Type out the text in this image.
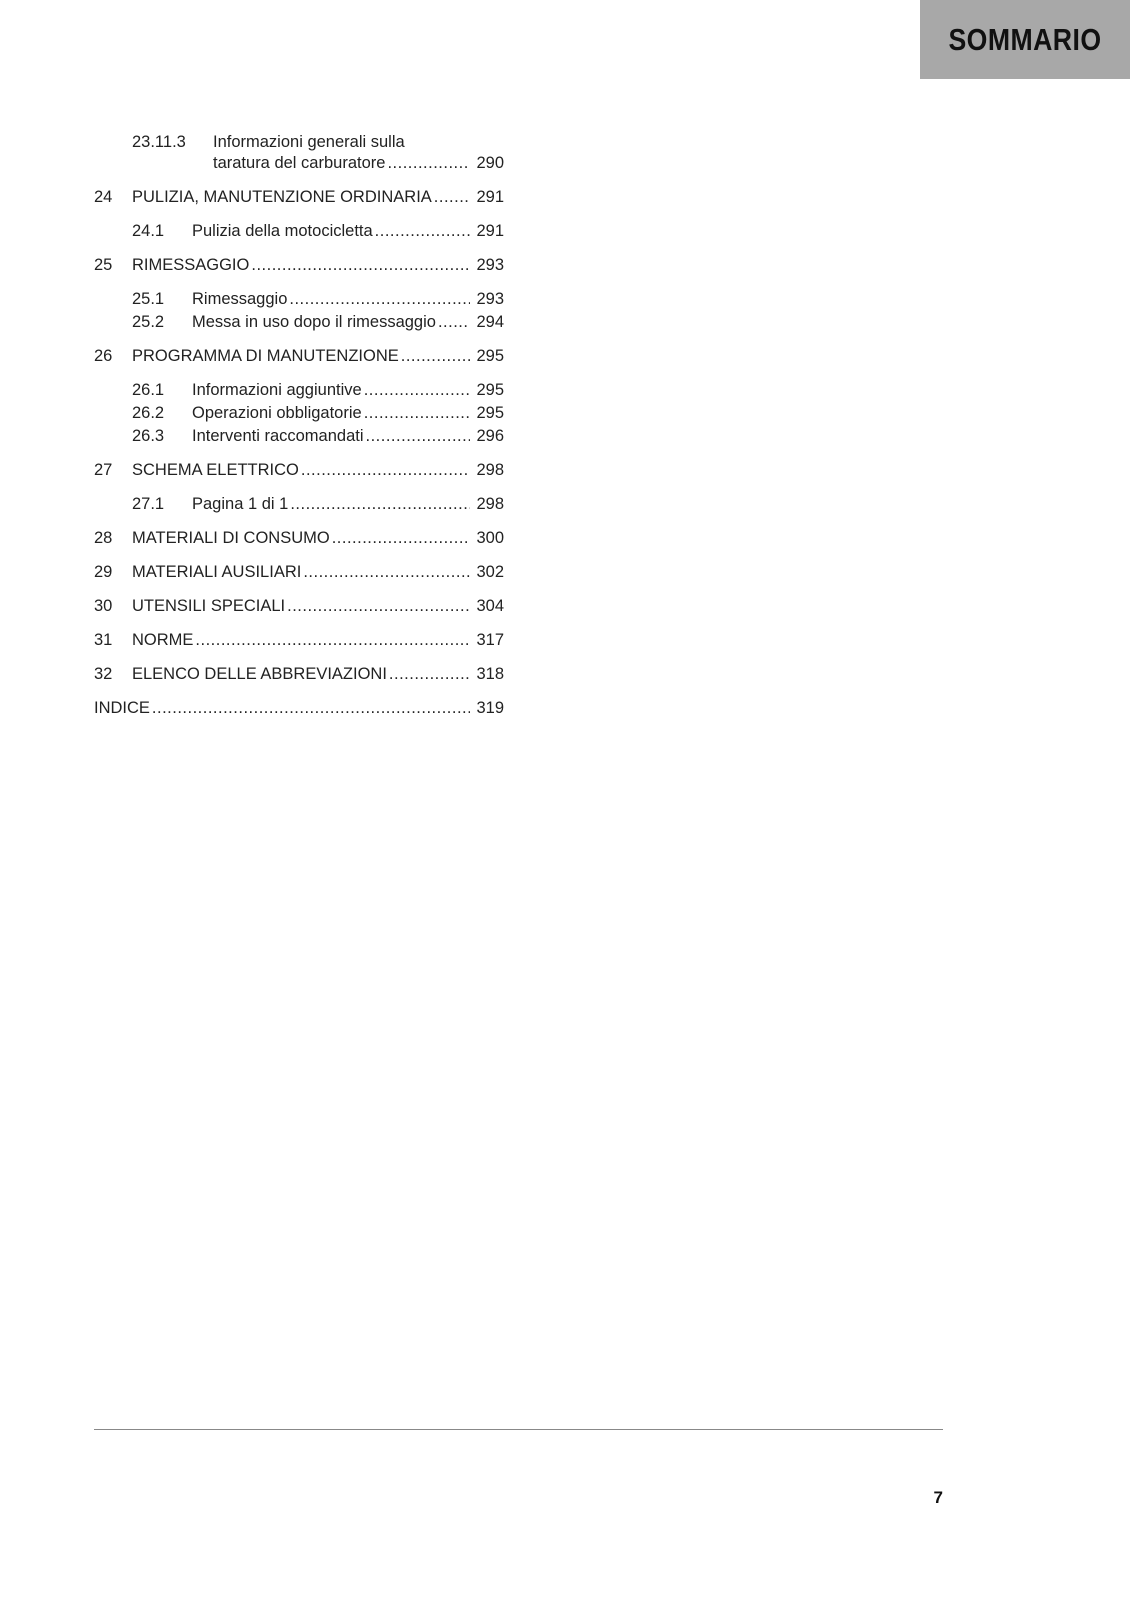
SOMMARIO
23.11.3	Informazioni generali sulla
taratura del carburatore .....	290
24	PULIZIA, MANUTENZIONE ORDINARIA .....	291
24.1	Pulizia della motocicletta .....	291
25	RIMESSAGGIO .....	293
25.1	Rimessaggio .....	293
25.2	Messa in uso dopo il rimessaggio ..... 294
26	PROGRAMMA DI MANUTENZIONE .....	295
26.1	Informazioni aggiuntive .....	295
26.2	Operazioni obbligatorie .....	295
26.3	Interventi raccomandati .....	296
27	SCHEMA ELETTRICO .....	298
27.1	Pagina 1 di 1 .....	298
28	MATERIALI DI CONSUMO .....	300
29	MATERIALI AUSILIARI .....	302
30	UTENSILI SPECIALI .....	304
31	NORME .....	317
32	ELENCO DELLE ABBREVIAZIONI .....	318
INDICE .....	319
7
